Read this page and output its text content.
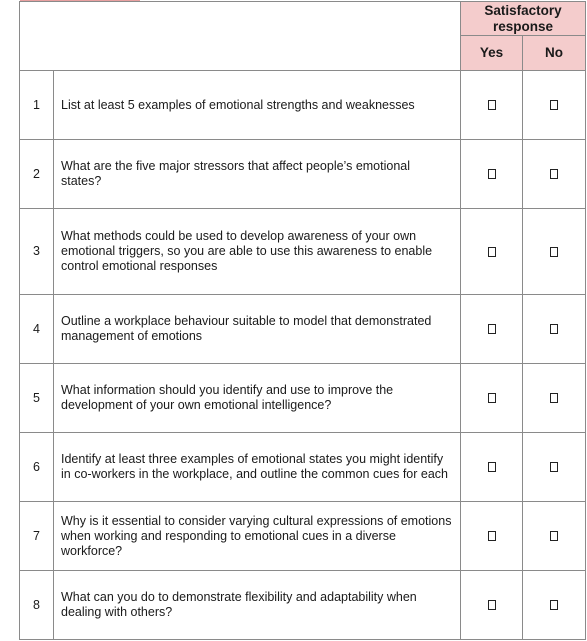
		Satisfactory response	
		Yes	No
1	List at least 5 examples of emotional strengths and weaknesses		
2	What are the five major stressors that affect people’s emotional states?		
3	What methods could be used to develop awareness of your own emotional triggers, so you are able to use this awareness to enable control emotional responses		
4	Outline a workplace behaviour suitable to model that demonstrated management of emotions		
5	What information should you identify and use to improve the development of your own emotional intelligence?		
6	Identify at least three examples of emotional states you might identify in co-workers in the workplace, and outline the common cues for each		
7	Why is it essential to consider varying cultural expressions of emotions when working and responding to emotional cues in a diverse workforce?		
8	What can you do to demonstrate flexibility and adaptability when dealing with others?		
